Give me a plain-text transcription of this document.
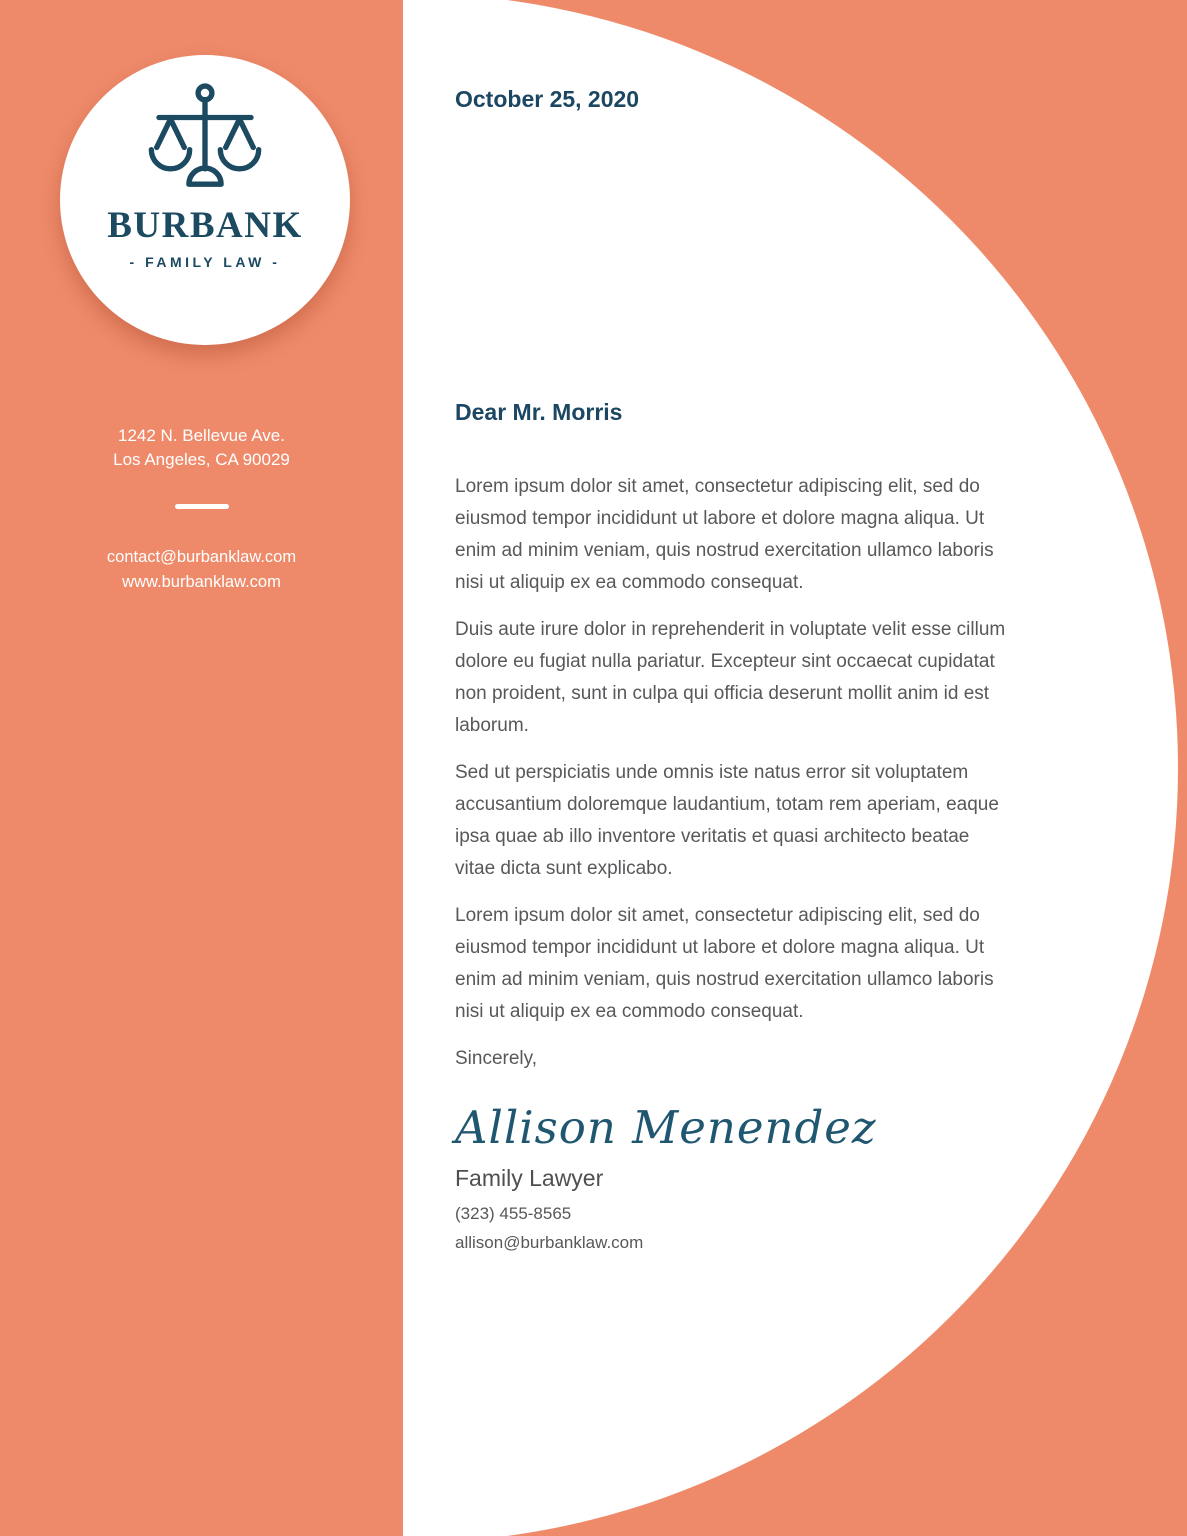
BURBANK
- FAMILY LAW -
1242 N. Bellevue Ave.
Los Angeles, CA 90029
contact@burbanklaw.com
www.burbanklaw.com
October 25, 2020
Dear Mr. Morris

Lorem ipsum dolor sit amet, consectetur adipiscing elit, sed do eiusmod tempor incididunt ut labore et dolore magna aliqua. Ut enim ad minim veniam, quis nostrud exercitation ullamco laboris nisi ut aliquip ex ea commodo consequat.

Duis aute irure dolor in reprehenderit in voluptate velit esse cillum dolore eu fugiat nulla pariatur. Excepteur sint occaecat cupidatat non proident, sunt in culpa qui officia deserunt mollit anim id est laborum.

Sed ut perspiciatis unde omnis iste natus error sit voluptatem accusantium doloremque laudantium, totam rem aperiam, eaque ipsa quae ab illo inventore veritatis et quasi architecto beatae vitae dicta sunt explicabo.

Lorem ipsum dolor sit amet, consectetur adipiscing elit, sed do eiusmod tempor incididunt ut labore et dolore magna aliqua. Ut enim ad minim veniam, quis nostrud exercitation ullamco laboris nisi ut aliquip ex ea commodo consequat.

Sincerely,
Allison Menendez
Family Lawyer
(323) 455-8565
allison@burbanklaw.com
